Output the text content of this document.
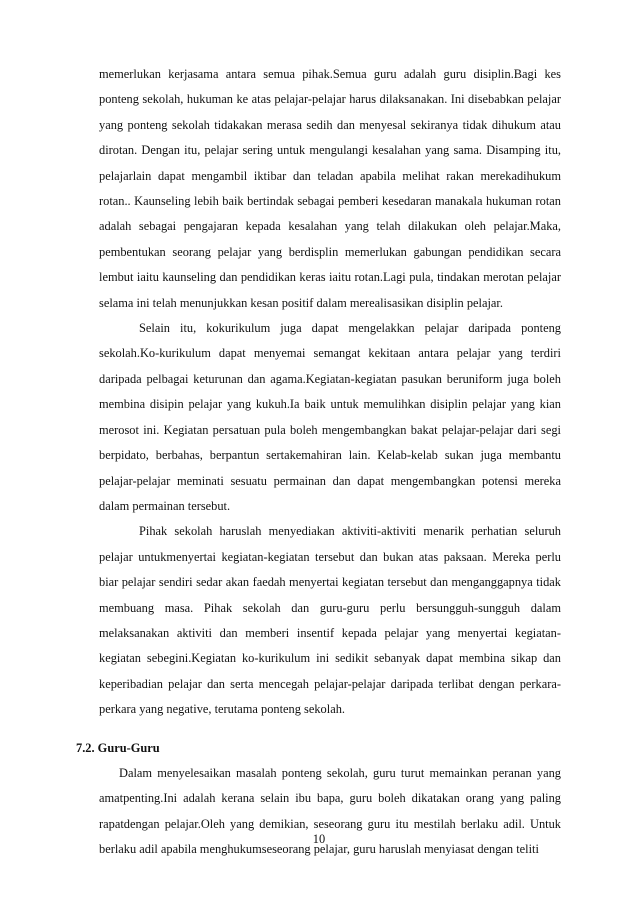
memerlukan kerjasama antara semua pihak.Semua guru adalah guru disiplin.Bagi kes ponteng sekolah, hukuman ke atas pelajar-pelajar harus dilaksanakan. Ini disebabkan pelajar yang ponteng sekolah tidakakan merasa sedih dan menyesal sekiranya tidak dihukum atau dirotan. Dengan itu, pelajar sering untuk mengulangi kesalahan yang sama. Disamping itu, pelajarlain dapat mengambil iktibar dan teladan apabila melihat rakan merekadihukum rotan.. Kaunseling lebih baik bertindak sebagai pemberi kesedaran manakala hukuman rotan adalah sebagai pengajaran kepada kesalahan yang telah dilakukan oleh pelajar.Maka, pembentukan seorang pelajar yang berdisplin memerlukan gabungan pendidikan secara lembut iaitu kaunseling dan pendidikan keras iaitu rotan.Lagi pula, tindakan merotan pelajar selama ini telah menunjukkan kesan positif dalam merealisasikan disiplin pelajar.

Selain itu, kokurikulum juga dapat mengelakkan pelajar daripada ponteng sekolah.Ko-kurikulum dapat menyemai semangat kekitaan antara pelajar yang terdiri daripada pelbagai keturunan dan agama.Kegiatan-kegiatan pasukan beruniform juga boleh membina disipin pelajar yang kukuh.Ia baik untuk memulihkan disiplin pelajar yang kian merosot ini. Kegiatan persatuan pula boleh mengembangkan bakat pelajar-pelajar dari segi berpidato, berbahas, berpantun sertakemahiran lain. Kelab-kelab sukan juga membantu pelajar-pelajar meminati sesuatu permainan dan dapat mengembangkan potensi mereka dalam permainan tersebut.

Pihak sekolah haruslah menyediakan aktiviti-aktiviti menarik perhatian seluruh pelajar untukmenyertai kegiatan-kegiatan tersebut dan bukan atas paksaan. Mereka perlu biar pelajar sendiri sedar akan faedah menyertai kegiatan tersebut dan menganggapnya tidak membuang masa. Pihak sekolah dan guru-guru perlu bersungguh-sungguh dalam melaksanakan aktiviti dan memberi insentif kepada pelajar yang menyertai kegiatan-kegiatan sebegini.Kegiatan ko-kurikulum ini sedikit sebanyak dapat membina sikap dan keperibadian pelajar dan serta mencegah pelajar-pelajar daripada terlibat dengan perkara-perkara yang negative, terutama ponteng sekolah.

7.2. Guru-Guru

Dalam menyelesaikan masalah ponteng sekolah, guru turut memainkan peranan yang amatpenting.Ini adalah kerana selain ibu bapa, guru boleh dikatakan orang yang paling rapatdengan pelajar.Oleh yang demikian, seseorang guru itu mestilah berlaku adil. Untuk berlaku adil apabila menghukumseseorang pelajar, guru haruslah menyiasat dengan teliti

10
